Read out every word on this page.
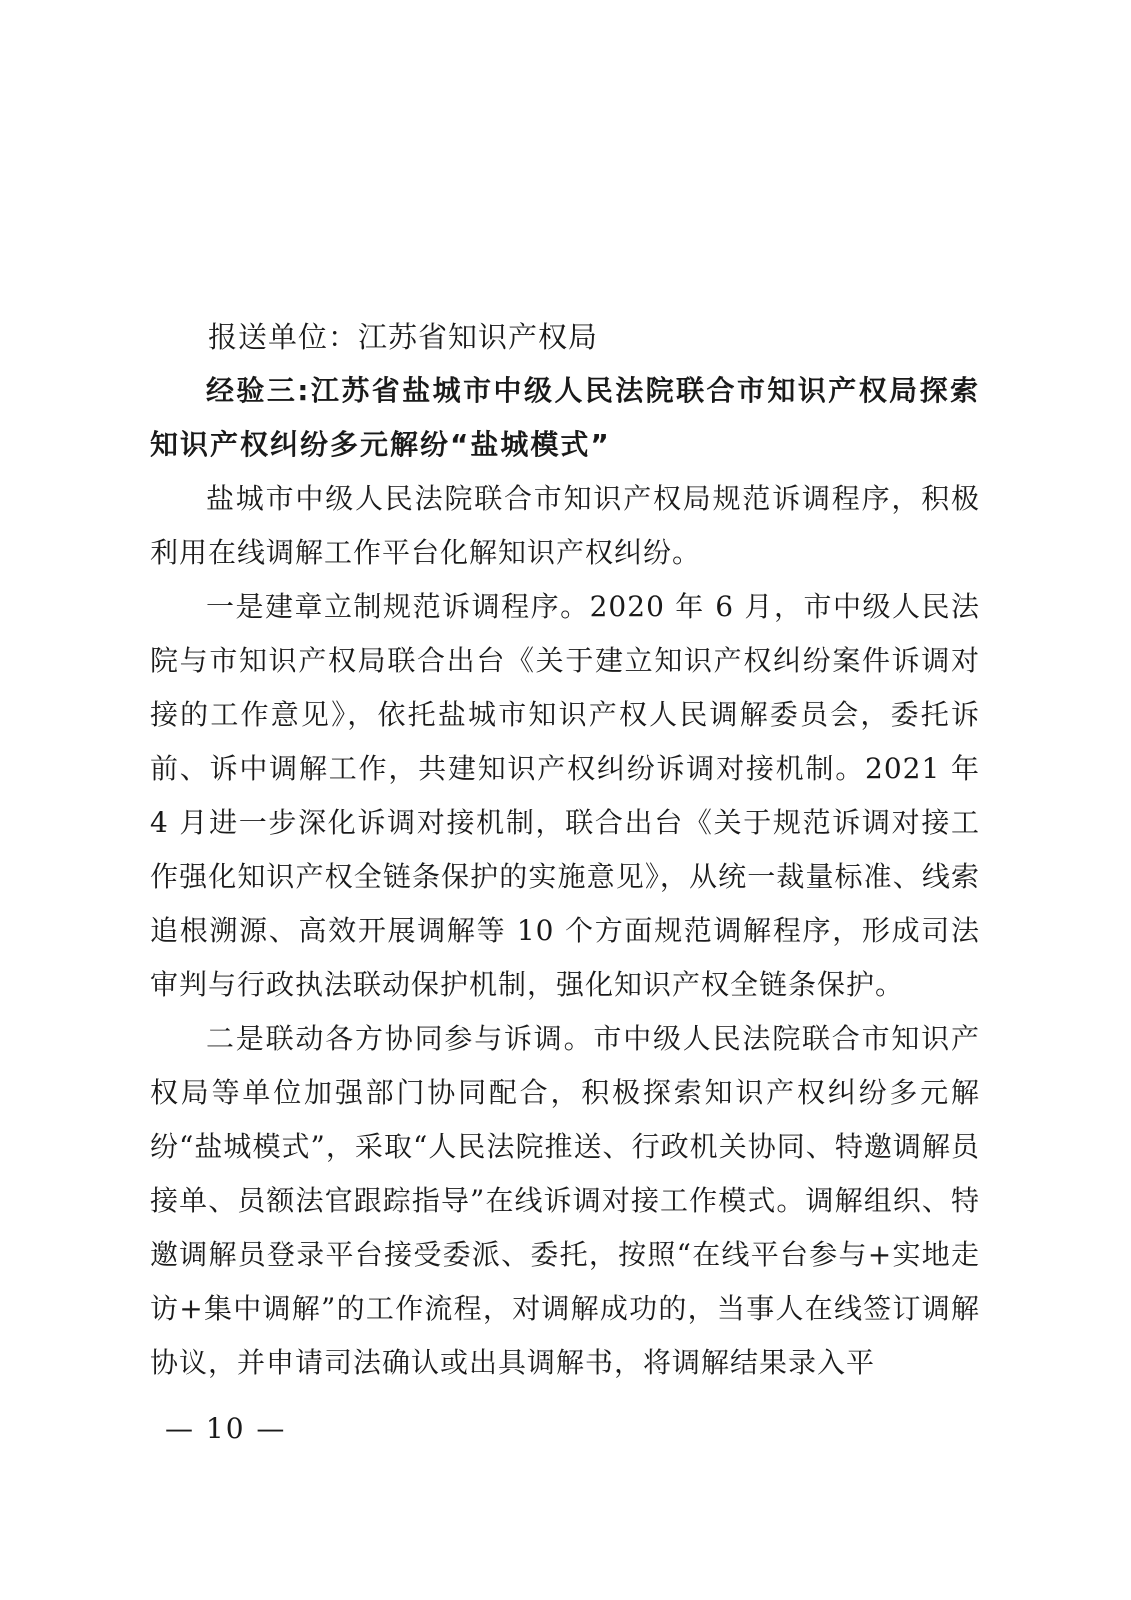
报送单位：江苏省知识产权局

经验三:江苏省盐城市中级人民法院联合市知识产权局探索知识产权纠纷多元解纷“盐城模式”

盐城市中级人民法院联合市知识产权局规范诉调程序，积极利用在线调解工作平台化解知识产权纠纷。

一是建章立制规范诉调程序。2020 年 6 月，市中级人民法院与市知识产权局联合出台《关于建立知识产权纠纷案件诉调对接的工作意见》，依托盐城市知识产权人民调解委员会，委托诉前、诉中调解工作，共建知识产权纠纷诉调对接机制。2021 年 4 月进一步深化诉调对接机制，联合出台《关于规范诉调对接工作强化知识产权全链条保护的实施意见》，从统一裁量标准、线索追根溯源、高效开展调解等 10 个方面规范调解程序，形成司法审判与行政执法联动保护机制，强化知识产权全链条保护。

二是联动各方协同参与诉调。市中级人民法院联合市知识产权局等单位加强部门协同配合，积极探索知识产权纠纷多元解纷“盐城模式”，采取“人民法院推送、行政机关协同、特邀调解员接单、员额法官跟踪指导”在线诉调对接工作模式。调解组织、特邀调解员登录平台接受委派、委托，按照“在线平台参与+实地走访+集中调解”的工作流程，对调解成功的，当事人在线签订调解协议，并申请司法确认或出具调解书，将调解结果录入平

— 10 —
